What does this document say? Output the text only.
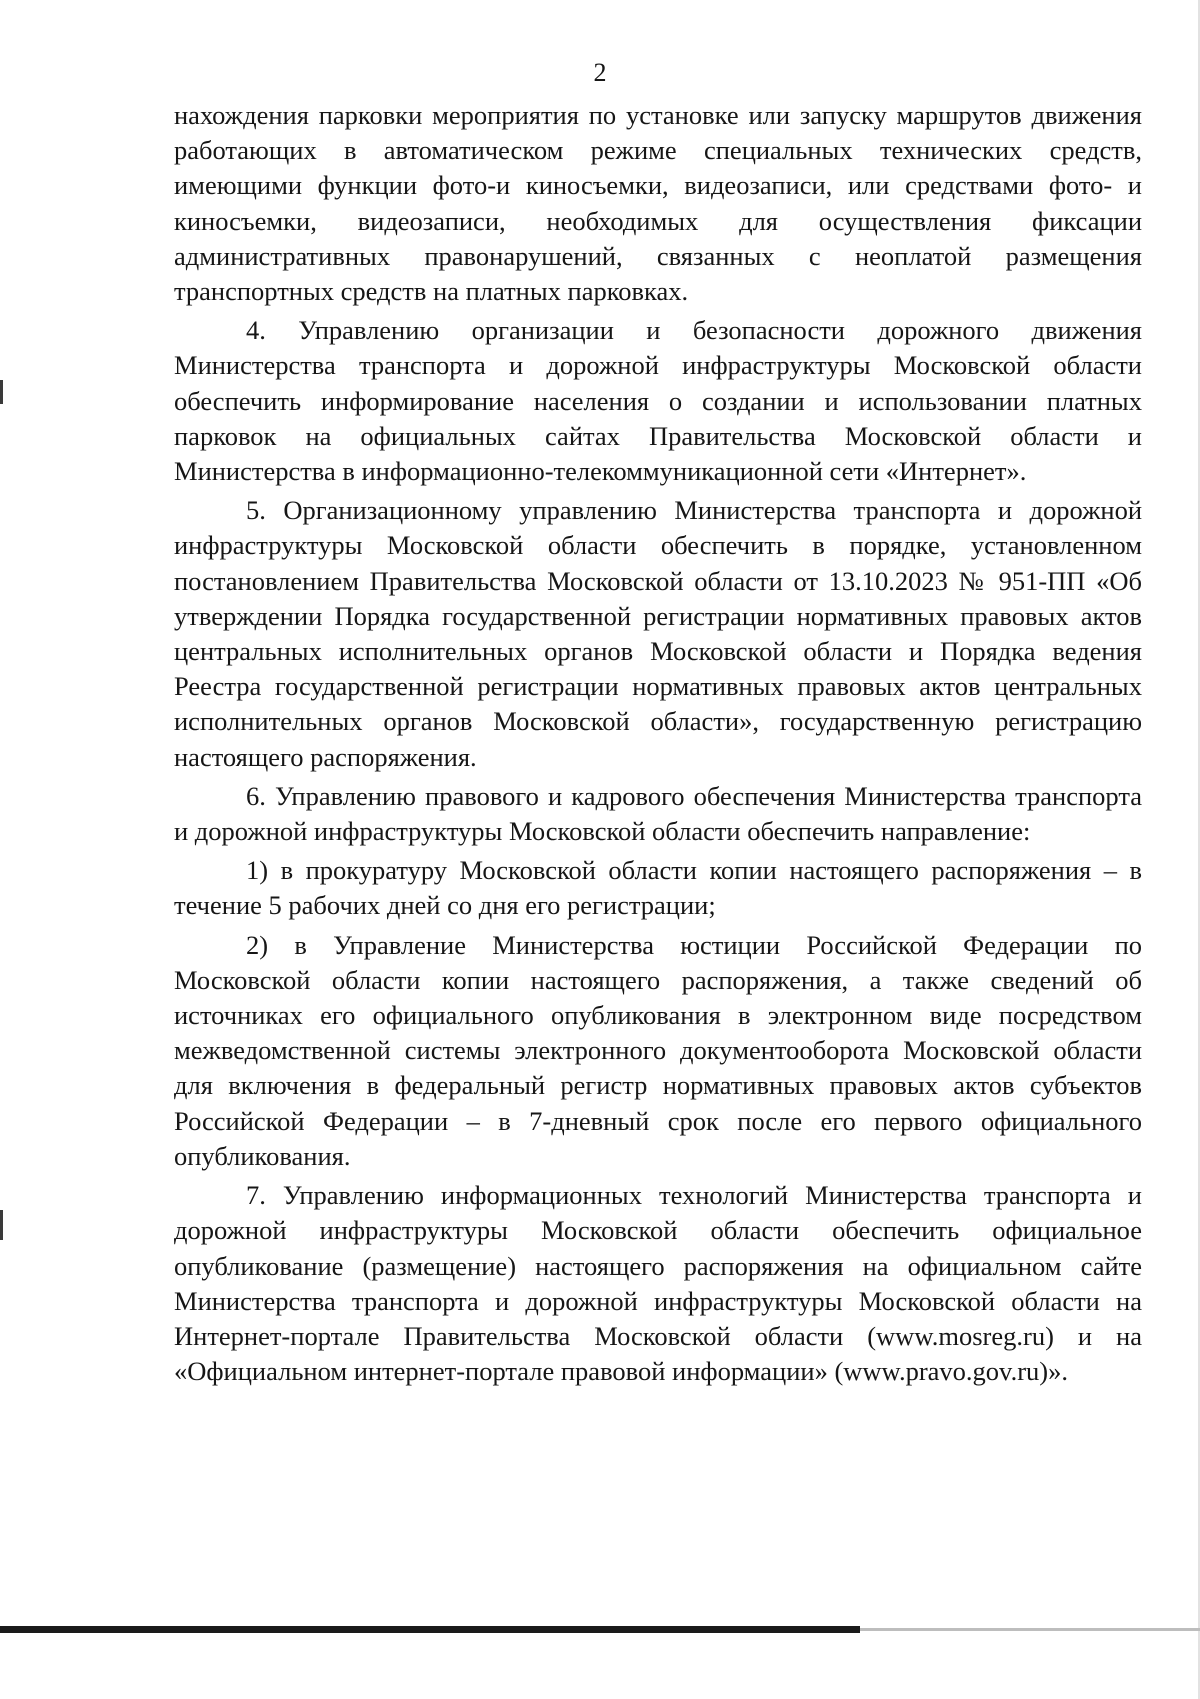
2

нахождения парковки мероприятия по установке или запуску маршрутов движения работающих в автоматическом режиме специальных технических средств, имеющими функции фото-и киносъемки, видеозаписи, или средствами фото- и киносъемки, видеозаписи, необходимых для осуществления фиксации административных правонарушений, связанных с неоплатой размещения транспортных средств на платных парковках.

4. Управлению организации и безопасности дорожного движения Министерства транспорта и дорожной инфраструктуры Московской области обеспечить информирование населения о создании и использовании платных парковок на официальных сайтах Правительства Московской области и Министерства в информационно-телекоммуникационной сети «Интернет».

5. Организационному управлению Министерства транспорта и дорожной инфраструктуры Московской области обеспечить в порядке, установленном постановлением Правительства Московской области от 13.10.2023 № 951-ПП «Об утверждении Порядка государственной регистрации нормативных правовых актов центральных исполнительных органов Московской области и Порядка ведения Реестра государственной регистрации нормативных правовых актов центральных исполнительных органов Московской области», государственную регистрацию настоящего распоряжения.

6. Управлению правового и кадрового обеспечения Министерства транспорта и дорожной инфраструктуры Московской области обеспечить направление:

1) в прокуратуру Московской области копии настоящего распоряжения – в течение 5 рабочих дней со дня его регистрации;

2) в Управление Министерства юстиции Российской Федерации по Московской области копии настоящего распоряжения, а также сведений об источниках его официального опубликования в электронном виде посредством межведомственной системы электронного документооборота Московской области для включения в федеральный регистр нормативных правовых актов субъектов Российской Федерации – в 7-дневный срок после его первого официального опубликования.

7. Управлению информационных технологий Министерства транспорта и дорожной инфраструктуры Московской области обеспечить официальное опубликование (размещение) настоящего распоряжения на официальном сайте Министерства транспорта и дорожной инфраструктуры Московской области на Интернет-портале Правительства Московской области (www.mosreg.ru) и на «Официальном интернет-портале правовой информации» (www.pravo.gov.ru)».
